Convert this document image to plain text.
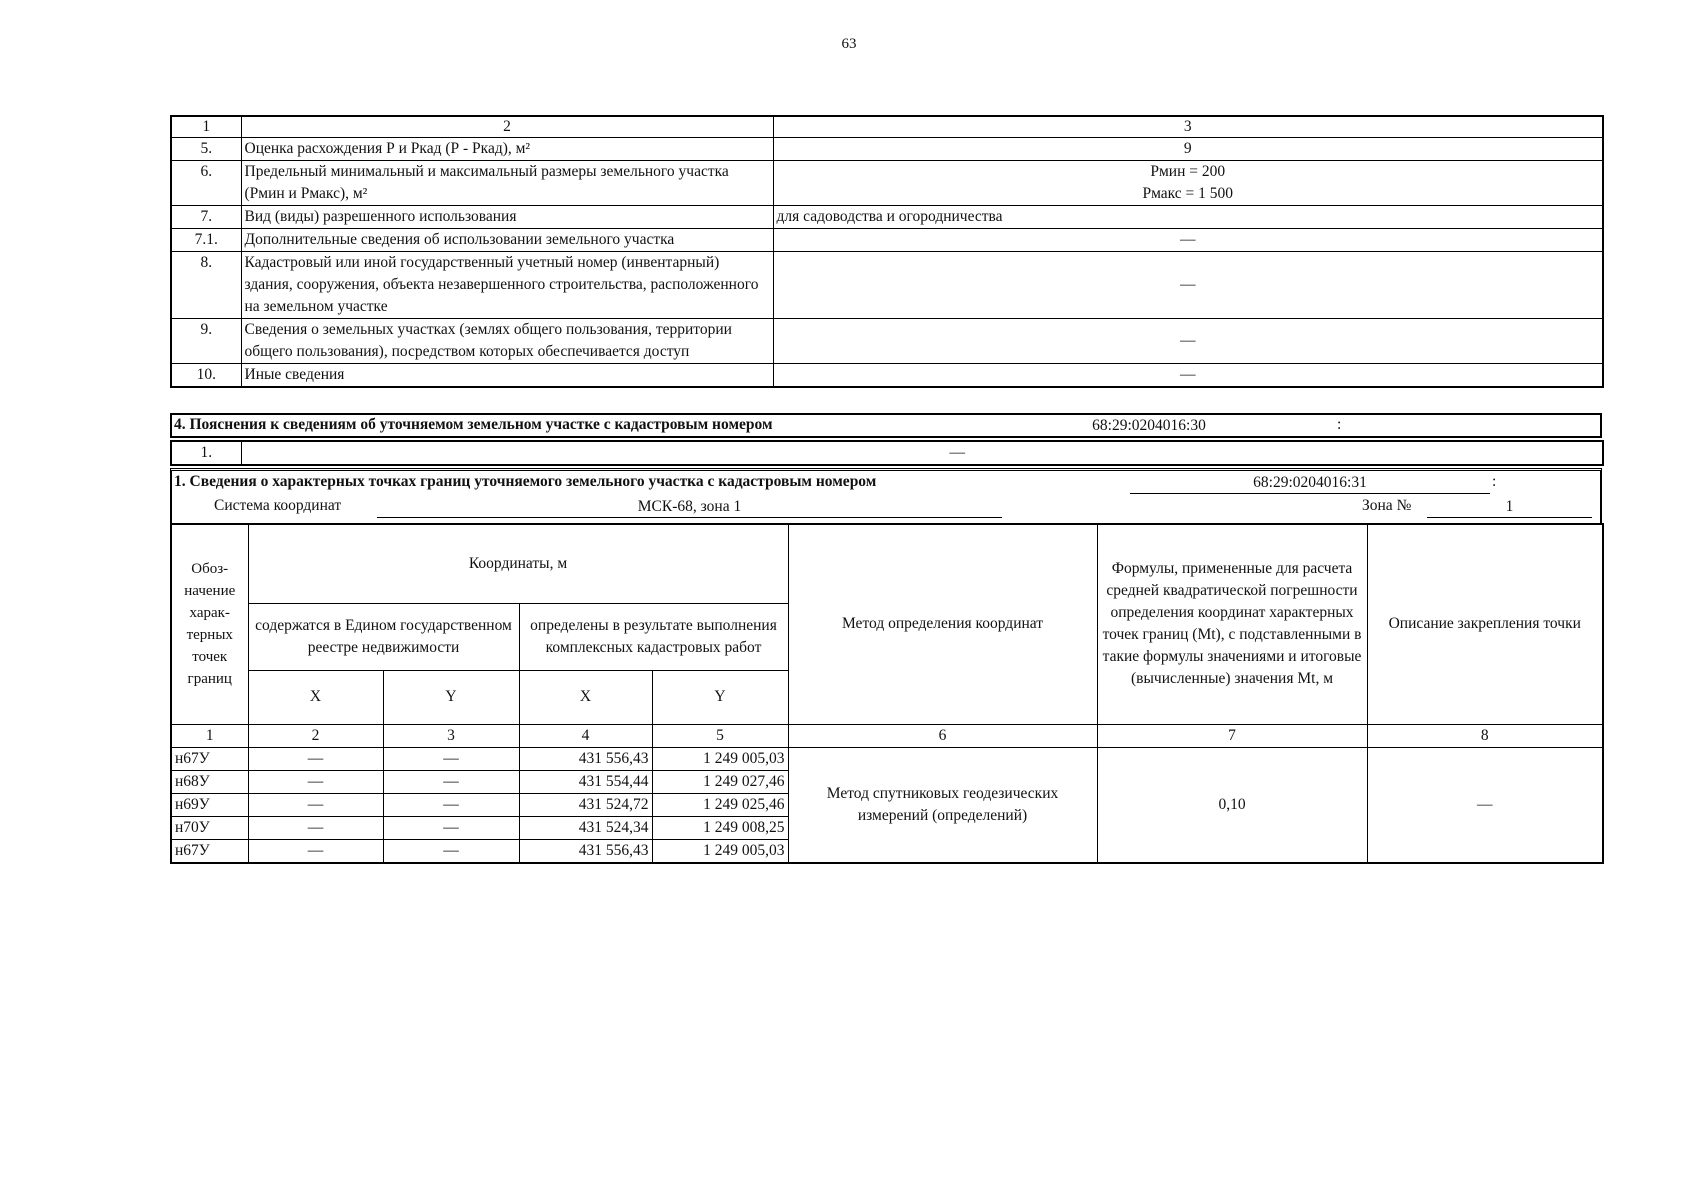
63
1	2	3
5.	Оценка расхождения Р и Ркад (Р - Ркад), м²	9
6.	Предельный минимальный и максимальный размеры земельного участка (Рмин и Рмакс), м²	Рмин = 200
Рмакс = 1 500

7.	Вид (виды) разрешенного использования	для садоводства и огородничества
7.1.	Дополнительные сведения об использовании земельного участка	—
8.	Кадастровый или иной государственный учетный номер (инвентарный) здания, сооружения, объекта незавершенного строительства, расположенного на земельном участке	—
9.	Сведения о земельных участках (землях общего пользования, территории общего пользования), посредством которых обеспечивается доступ	—
10.	Иные сведения	—
4. Пояснения к сведениям об уточняемом земельном участке с кадастровым номером	68:29:0204016:30	:
1.	—
1. Сведения о характерных точках границ уточняемого земельного участка с кадастровым номером	68:29:0204016:31	:
Система координат	МСК-68, зона 1	Зона №	1
Обоз-начение харак-терных точек границ	Координаты, м				Метод определения координат	Формулы, примененные для расчета средней квадратической погрешности определения координат характерных точек границ (Mt), с подставленными в такие формулы значениями и итоговые (вычисленные) значения Mt, м	Описание закрепления точки
	содержатся в Едином государственном реестре недвижимости		определены в результате выполнения комплексных кадастровых работ				
	X	Y	X	Y			
1	2	3	4	5	6	7	8
н67У	—	—	431 556,43	1 249 005,03	Метод спутниковых геодезических измерений (определений)	0,10	—
н68У	—	—	431 554,44	1 249 027,46			
н69У	—	—	431 524,72	1 249 025,46			
н70У	—	—	431 524,34	1 249 008,25			
н67У	—	—	431 556,43	1 249 005,03			
